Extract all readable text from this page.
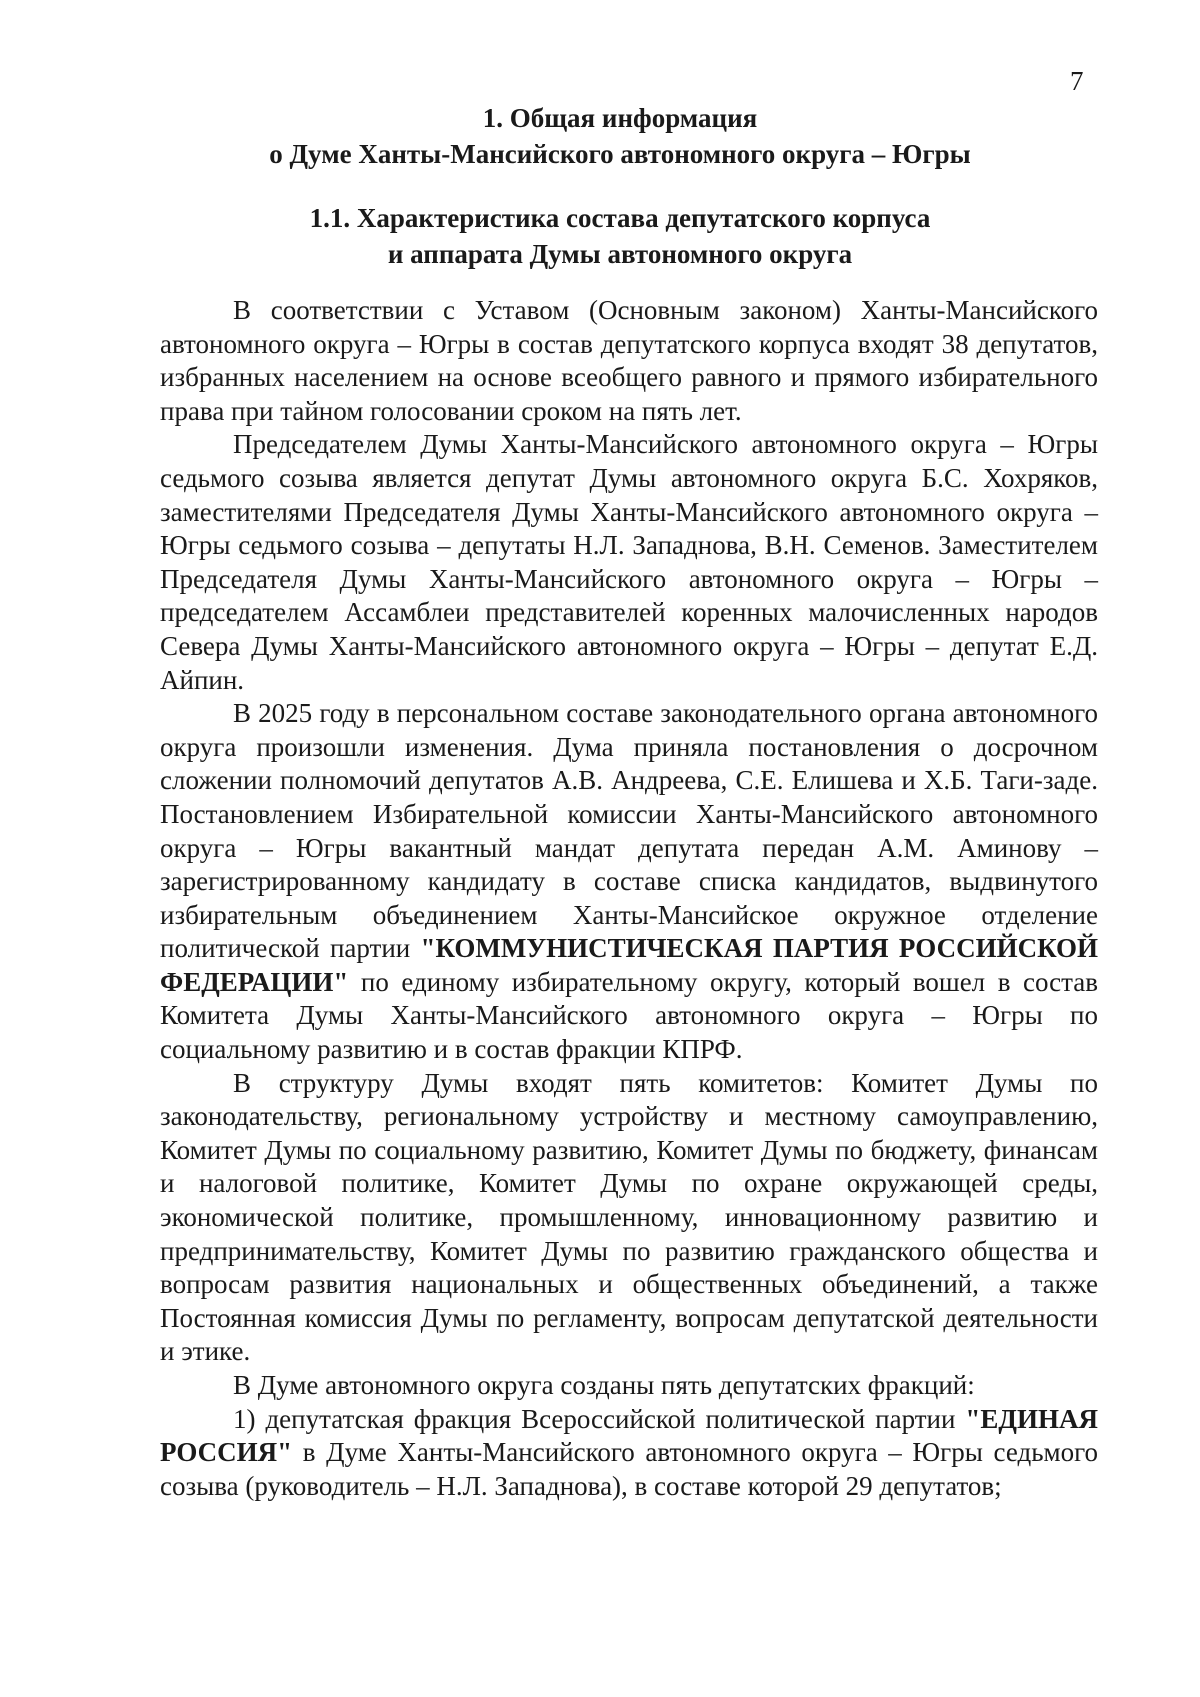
7
1. Общая информация
о Думе Ханты-Мансийского автономного округа – Югры
1.1. Характеристика состава депутатского корпуса
и аппарата Думы автономного округа

В соответствии с Уставом (Основным законом) Ханты-Мансийского автономного округа – Югры в состав депутатского корпуса входят 38 депутатов, избранных населением на основе всеобщего равного и прямого избирательного права при тайном голосовании сроком на пять лет.

Председателем Думы Ханты-Мансийского автономного округа – Югры седьмого созыва является депутат Думы автономного округа Б.С. Хохряков, заместителями Председателя Думы Ханты-Мансийского автономного округа – Югры седьмого созыва – депутаты Н.Л. Западнова, В.Н. Семенов. Заместителем Председателя Думы Ханты-Мансийского автономного округа – Югры – председателем Ассамблеи представителей коренных малочисленных народов Севера Думы Ханты-Мансийского автономного округа – Югры – депутат Е.Д. Айпин.

В 2025 году в персональном составе законодательного органа автономного округа произошли изменения. Дума приняла постановления о досрочном сложении полномочий депутатов А.В. Андреева, С.Е. Елишева и Х.Б. Таги-заде. Постановлением Избирательной комиссии Ханты-Мансийского автономного округа – Югры вакантный мандат депутата передан А.М. Аминову – зарегистрированному кандидату в составе списка кандидатов, выдвинутого избирательным объединением Ханты-Мансийское окружное отделение политической партии "КОММУНИСТИЧЕСКАЯ ПАРТИЯ РОССИЙСКОЙ ФЕДЕРАЦИИ" по единому избирательному округу, который вошел в состав Комитета Думы Ханты-Мансийского автономного округа – Югры по социальному развитию и в состав фракции КПРФ.

В структуру Думы входят пять комитетов: Комитет Думы по законодательству, региональному устройству и местному самоуправлению, Комитет Думы по социальному развитию, Комитет Думы по бюджету, финансам и налоговой политике, Комитет Думы по охране окружающей среды, экономической политике, промышленному, инновационному развитию и предпринимательству, Комитет Думы по развитию гражданского общества и вопросам развития национальных и общественных объединений, а также Постоянная комиссия Думы по регламенту, вопросам депутатской деятельности и этике.

В Думе автономного округа созданы пять депутатских фракций:

1) депутатская фракция Всероссийской политической партии "ЕДИНАЯ РОССИЯ" в Думе Ханты-Мансийского автономного округа – Югры седьмого созыва (руководитель – Н.Л. Западнова), в составе которой 29 депутатов;
